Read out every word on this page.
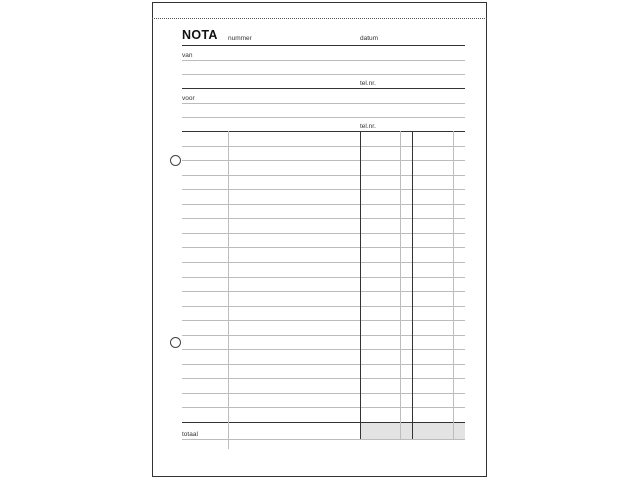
NOTA nummer	datum
van
tel.nr.
voor
tel.nr.
totaal
